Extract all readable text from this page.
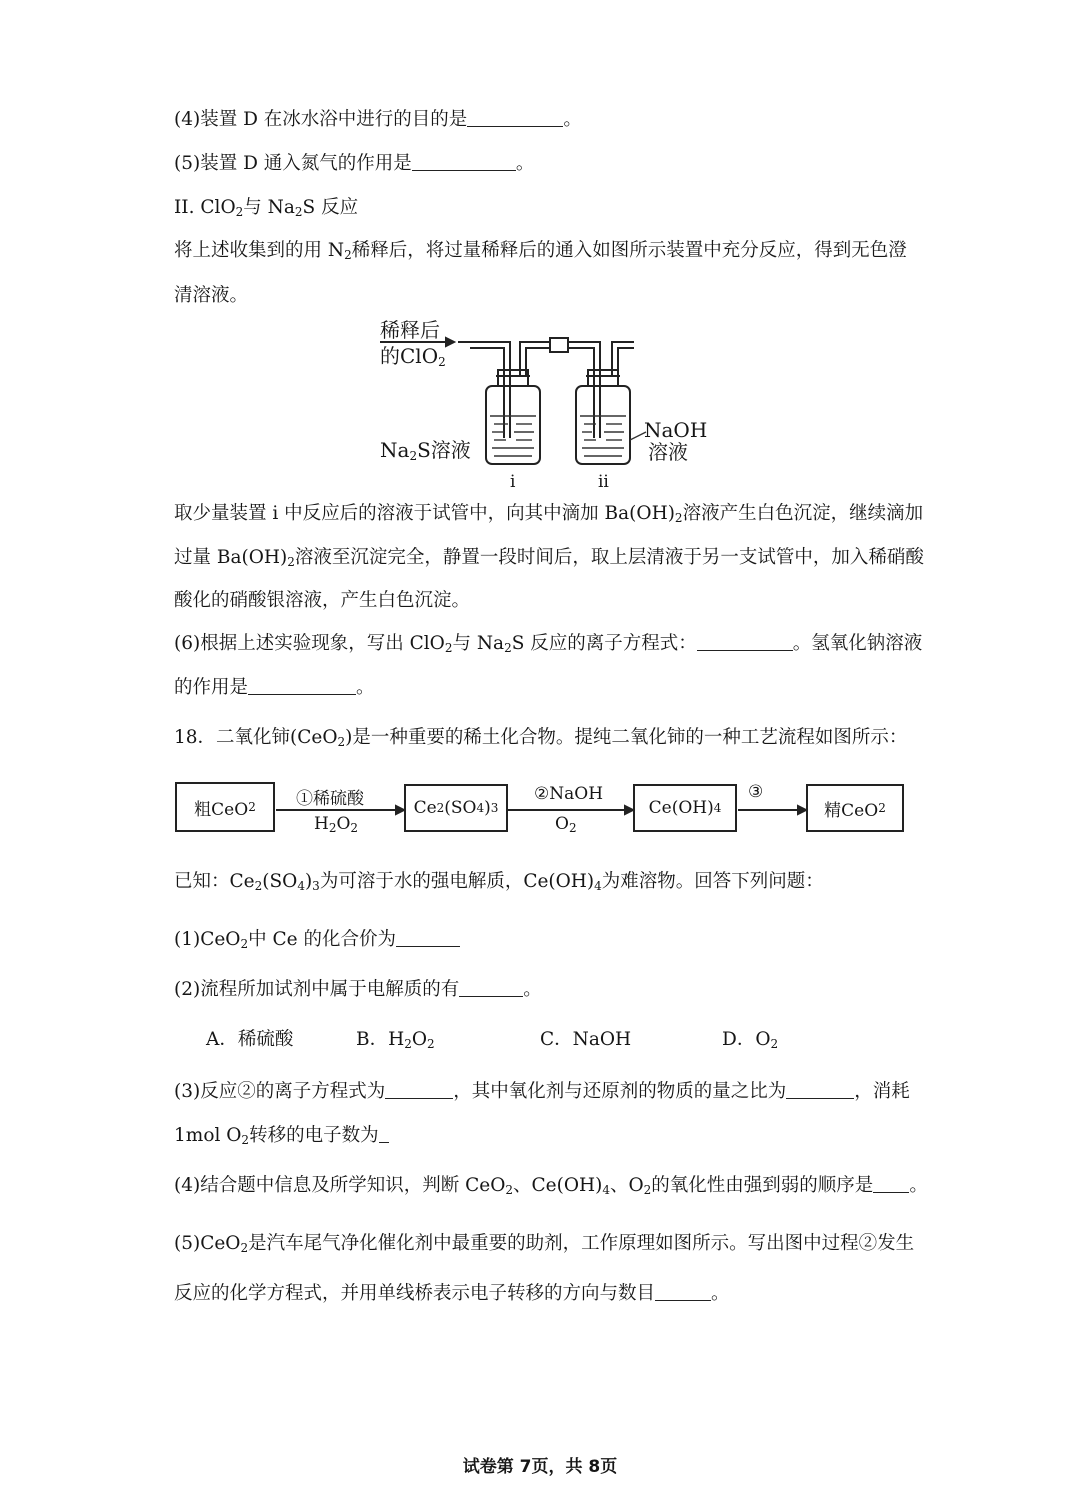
(4)装置 D 在冰水浴中进行的目的是	。
(5)装置 D 通入氮气的作用是	。
II. ClO$_2$与 $Na_2S$ 反应
将上述收集到的用 $N_2$稀释后，将过量稀释后的通入如图所示装置中充分反应，得到无色澄
清溶液。
稀释后
的ClO$_2$
$Na_2S$溶液
NaOH
溶液
i	ii
取少量装置 i 中反应后的溶液于试管中，向其中滴加 $Ba(OH)_2$溶液产生白色沉淀，继续滴加
过量 $Ba(OH)_2$溶液至沉淀完全，静置一段时间后，取上层清液于另一支试管中，加入稀硝酸
酸化的硝酸银溶液，产生白色沉淀。
(6)根据上述实验现象，写出 ClO$_2$与 $Na_2S$ 反应的离子方程式：	。氢氧化钠溶液
的作用是	。
18．二氧化铈(CeO$_2$)是一种重要的稀土化合物。提纯二氧化铈的一种工艺流程如图所示：
粗CeO 2	Ce 2 (SO 4 ) 3	Ce(OH) 4	精CeO 2
①稀硫酸
$H_2O_2$
②NaOH
$O_2$
③
已知：$Ce_2(SO_4)_3$为可溶于水的强电解质，$Ce(OH)_4$为难溶物。回答下列问题：
(1)CeO$_2$中 Ce 的化合价为
(2)流程所加试剂中属于电解质的有	。
A．稀硫酸	B．$H_2O_2$	C．NaOH	D．$O_2$
(3)反应②的离子方程式为	，其中氧化剂与还原剂的物质的量之比为	，消耗
1mol $O_2$转移的电子数为
(4)结合题中信息及所学知识，判断 CeO$_2$、$Ce(OH)_4$、$O_2$的氧化性由强到弱的顺序是 。
(5)CeO$_2$是汽车尾气净化催化剂中最重要的助剂，工作原理如图所示。写出图中过程②发生
反应的化学方程式，并用单线桥表示电子转移的方向与数目	。
试卷第 7页，共 8页
